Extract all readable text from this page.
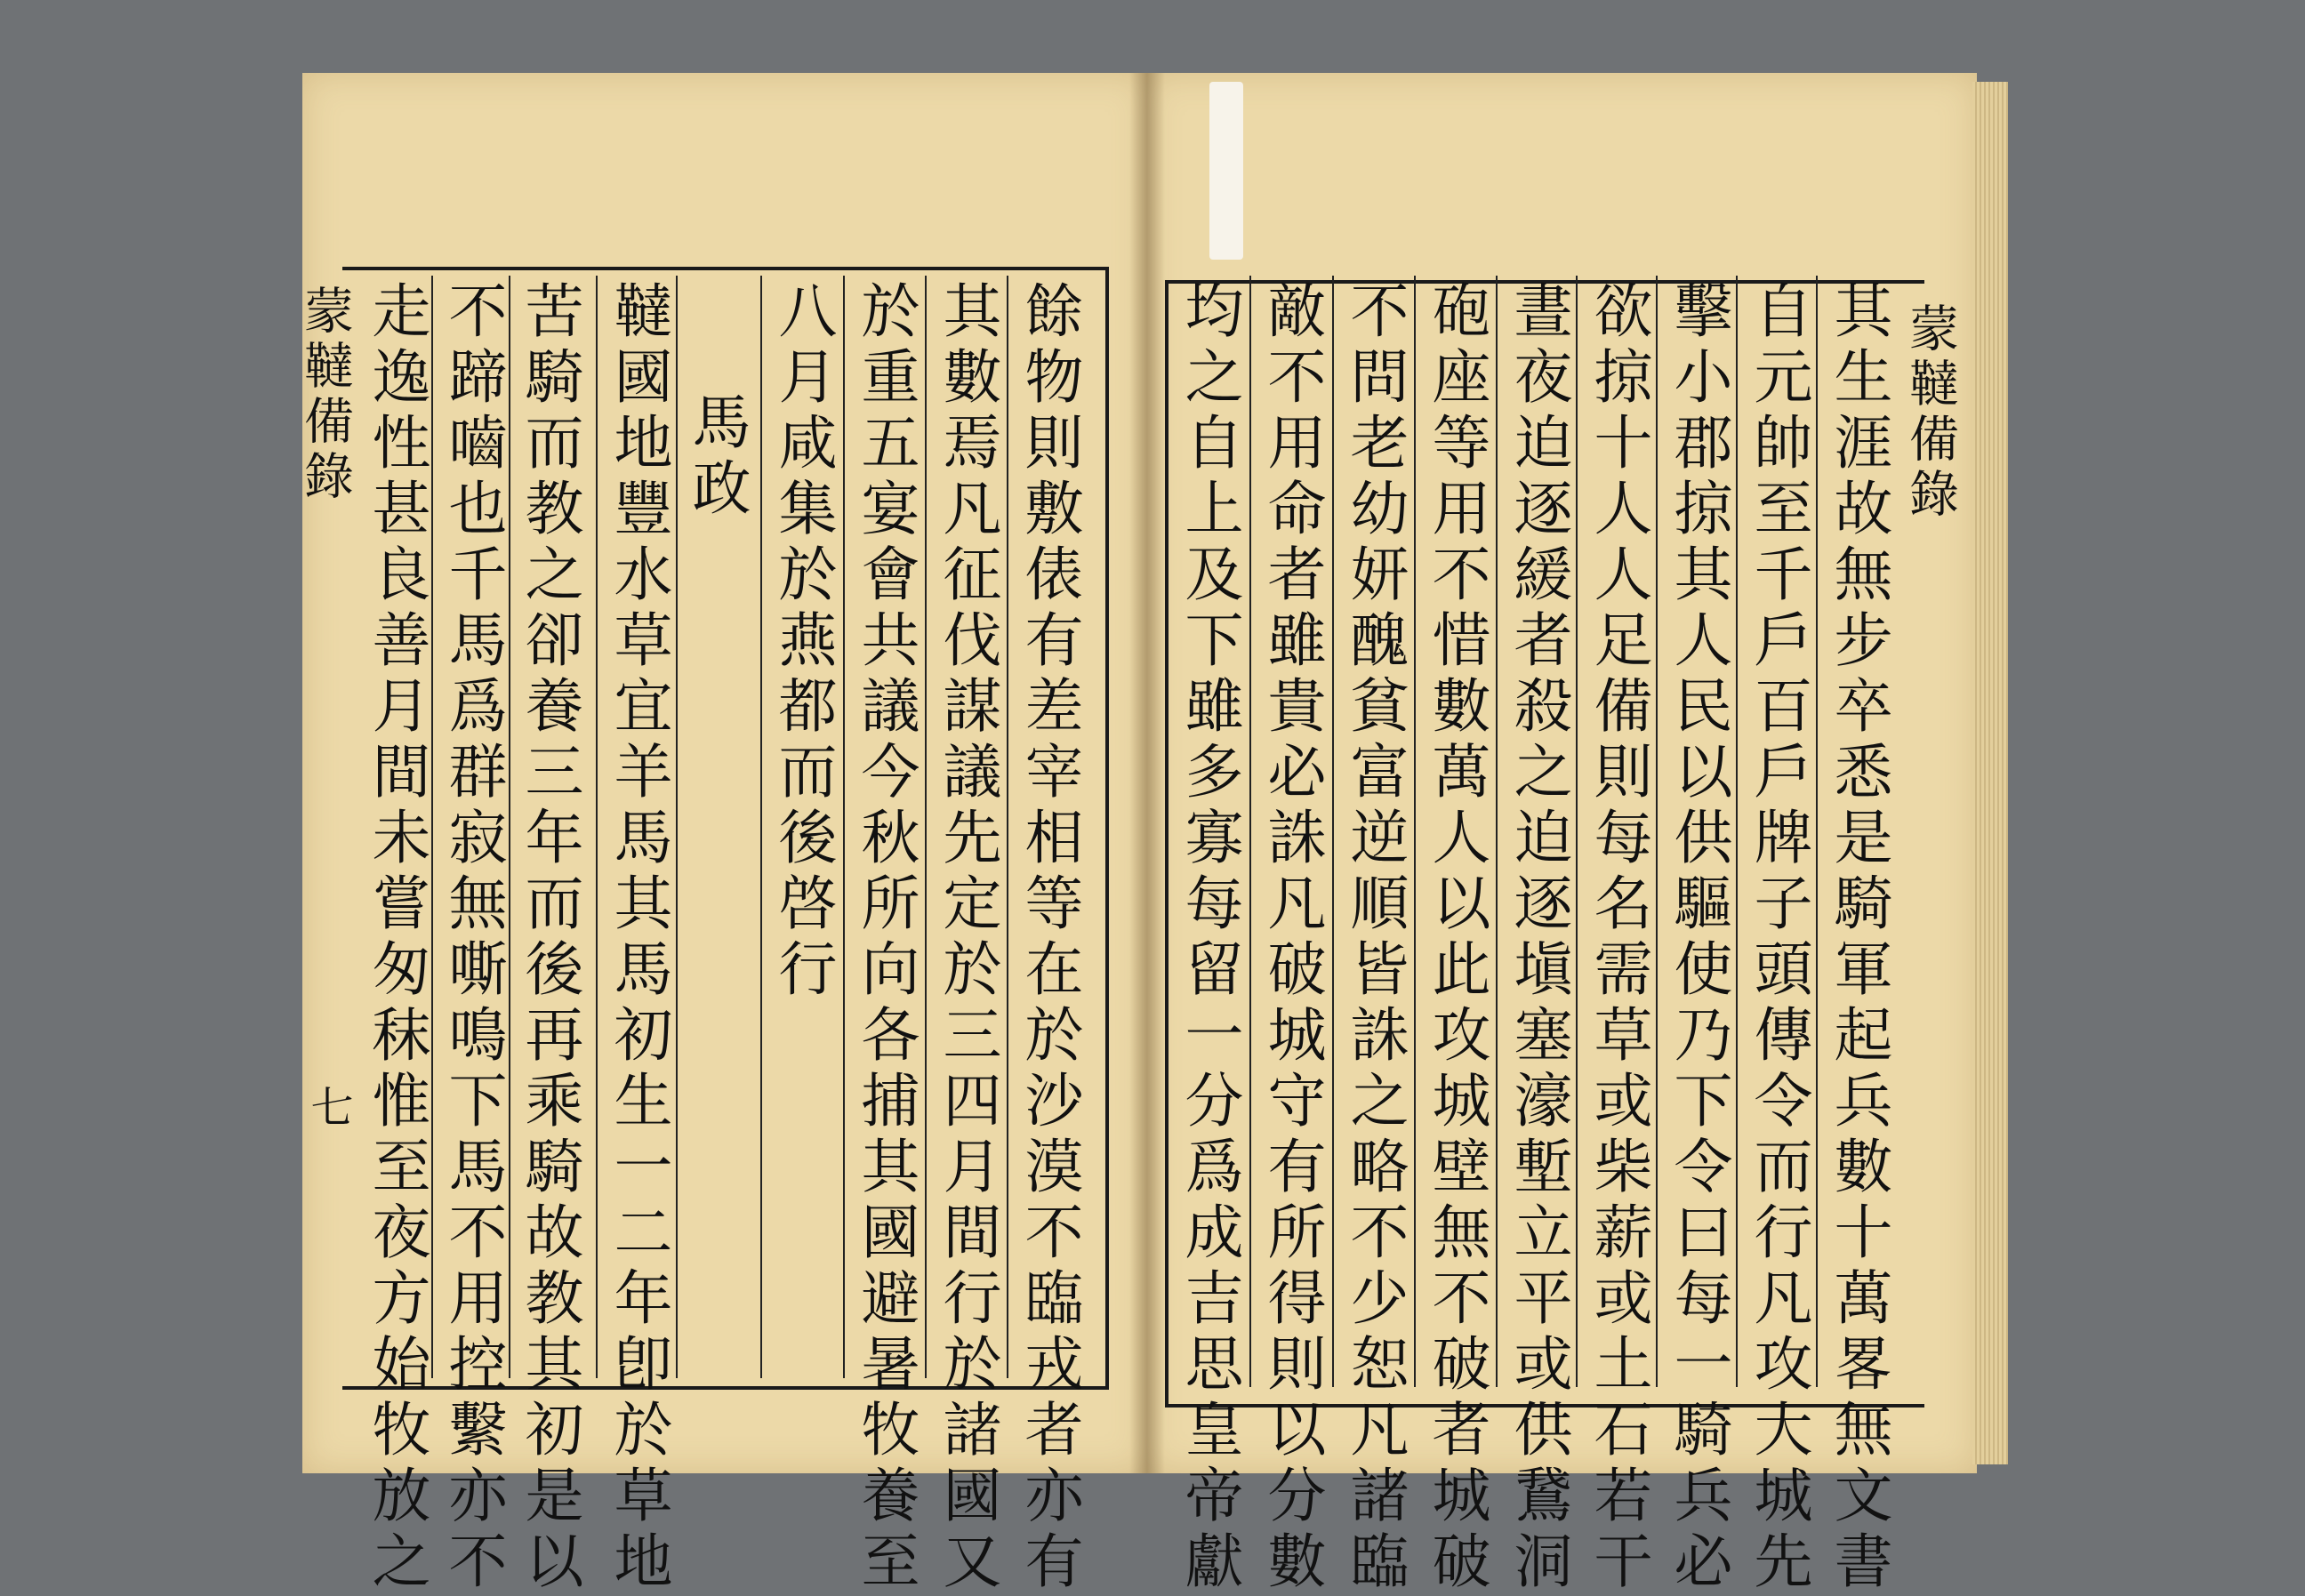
蒙韃備錄
七 走逸性甚良善月間未嘗匆秣惟至夜方始牧放之 不蹄嚙也千馬爲群寂無嘶鳴下馬不用控繫亦不 苦騎而教之卻養三年而後再乘騎故教其初是以 韃國地豐水草宜羊馬其馬初生一二年卽於草地 馬政 八月咸集於燕都而後啓行 於重五宴會共議今秋所向各捕其國避暑牧養至 其數焉凡征伐謀議先定於三四月間行於諸國又 餘物則敷俵有差宰相等在於沙漠不臨戎者亦有 均之自上及下雖多寡每留一分爲成吉思皇帝獻 敵不用命者雖貴必誅凡破城守有所得則以分數 不問老幼妍醜貧富逆順皆誅之略不少恕凡諸臨 砲座等用不惜數萬人以此攻城壁無不破者城破 晝夜迫逐緩者殺之迫逐塡塞濠塹立平或供鵞洞 欲掠十人人足備則每名需草或柴薪或土石若干 擊小郡掠其人民以供驅使乃下令曰每一騎兵必 自元帥至千戶百戶牌子頭傳令而行凡攻大城先 其生涯故無步卒悉是騎軍起兵數十萬畧無文書 蒙韃備錄
